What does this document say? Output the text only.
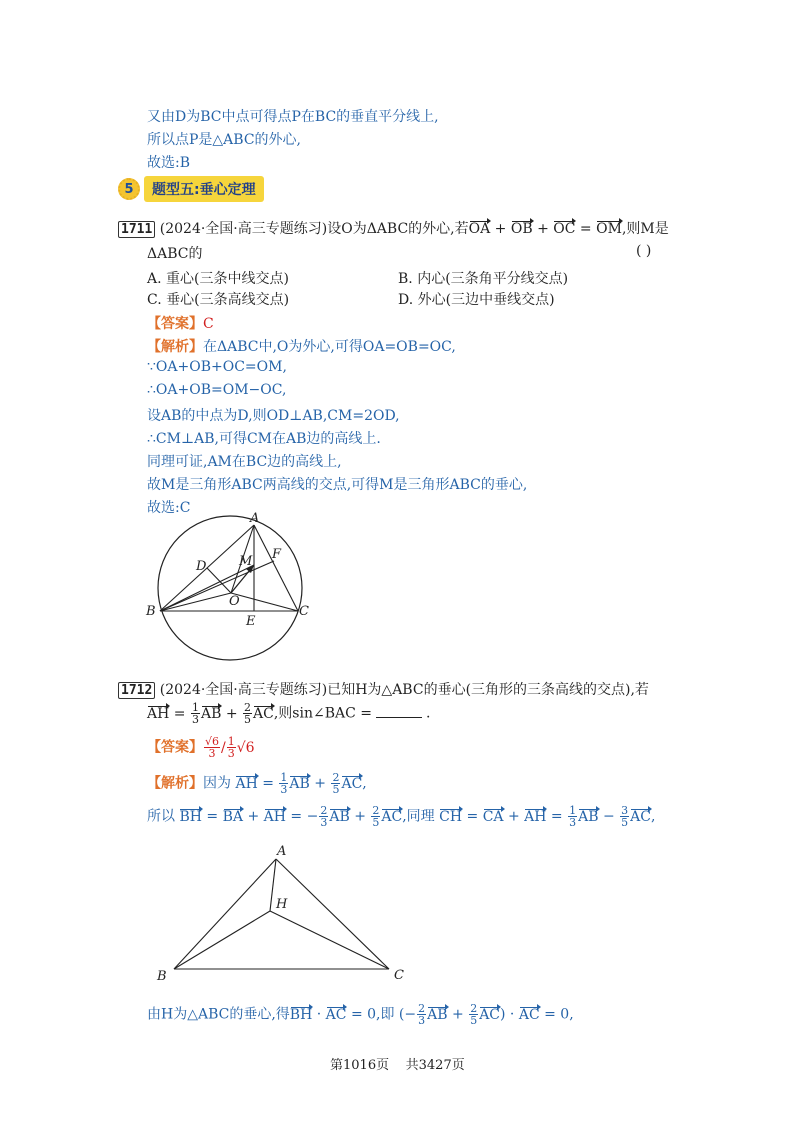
又由D为BC中点可得点P在BC的垂直平分线上,
所以点P是△ABC的外心,
故选:B
5	题型五:垂心定理
1711 (2024·全国·高三专题练习)设O为ΔABC的外心,若OA + OB + OC = OM,则M是
ΔABC的	( )
A. 重心(三条中线交点)	B. 内心(三条角平分线交点)
C. 垂心(三条高线交点)	D. 外心(三边中垂线交点)
【答案】C
【解析】在ΔABC中,O为外心,可得OA=OB=OC,
∵OA+OB+OC=OM,
∴OA+OB=OM−OC,
设AB的中点为D,则OD⊥AB,CM=2OD,
∴CM⊥AB,可得CM在AB边的高线上.
同理可证,AM在BC边的高线上,
故M是三角形ABC两高线的交点,可得M是三角形ABC的垂心,
故选:C
A
B	C
D
E
F
M
O
1712 (2024·全国·高三专题练习)已知H为△ABC的垂心(三角形的三条高线的交点),若
AH = $\frac{1}{3}$ AB + $\frac{2}{5}$ AC,则sin∠BAC =	.
【答案】 $\frac{√6}{3} / \frac{1}{3} √6$
【解析】因为 AH = $\frac{1}{3}$ AB + $\frac{2}{5}$ AC,
所以 BH = BA + AH = − $\frac{2}{3}$ AB + $\frac{2}{5}$ AC,同理 CH = CA + AH = $\frac{1}{3}$ AB − $\frac{3}{5}$ AC,
A
B	C
H
由H为△ABC的垂心,得BH · AC = 0,即 (− $\frac{2}{3}$ AB + $\frac{2}{5} AC$) · AC = 0,
第1016页 共3427页
